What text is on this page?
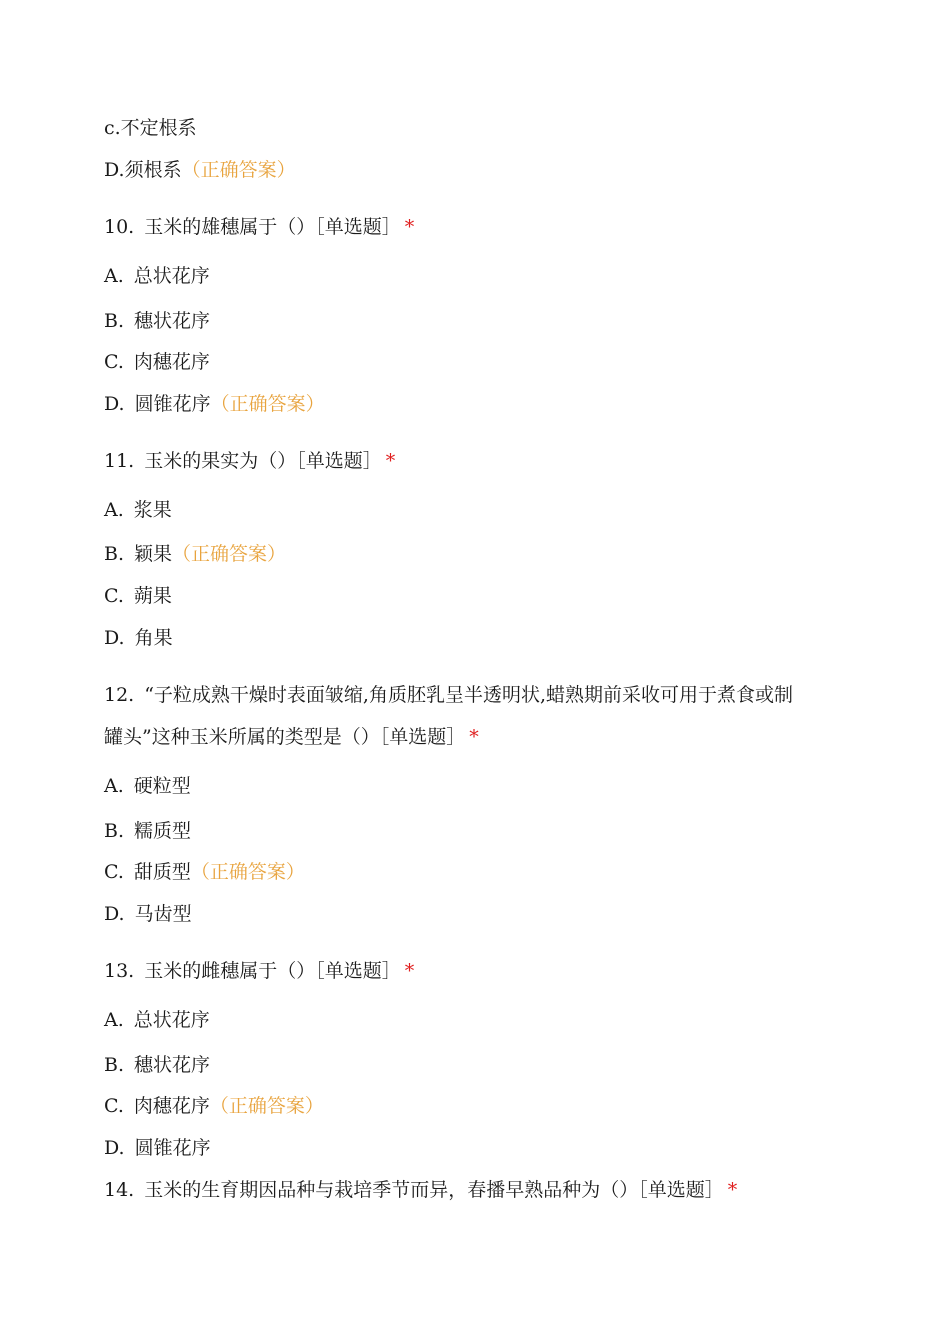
c.不定根系
D.须根系（正确答案）
10. 玉米的雄穗属于（）［单选题］ *
A. 总状花序
B. 穗状花序
C. 肉穗花序
D. 圆锥花序（正确答案）
11. 玉米的果实为（）［单选题］ *
A. 浆果
B. 颖果（正确答案）
C. 蒴果
D. 角果
12. “子粒成熟干燥时表面皱缩,角质胚乳呈半透明状,蜡熟期前采收可用于煮食或制
罐头”这种玉米所属的类型是（）［单选题］ *
A. 硬粒型
B. 糯质型
C. 甜质型（正确答案）
D. 马齿型
13. 玉米的雌穗属于（）［单选题］ *
A. 总状花序
B. 穗状花序
C. 肉穗花序（正确答案）
D. 圆锥花序
14. 玉米的生育期因品种与栽培季节而异，春播早熟品种为（）［单选题］ *
